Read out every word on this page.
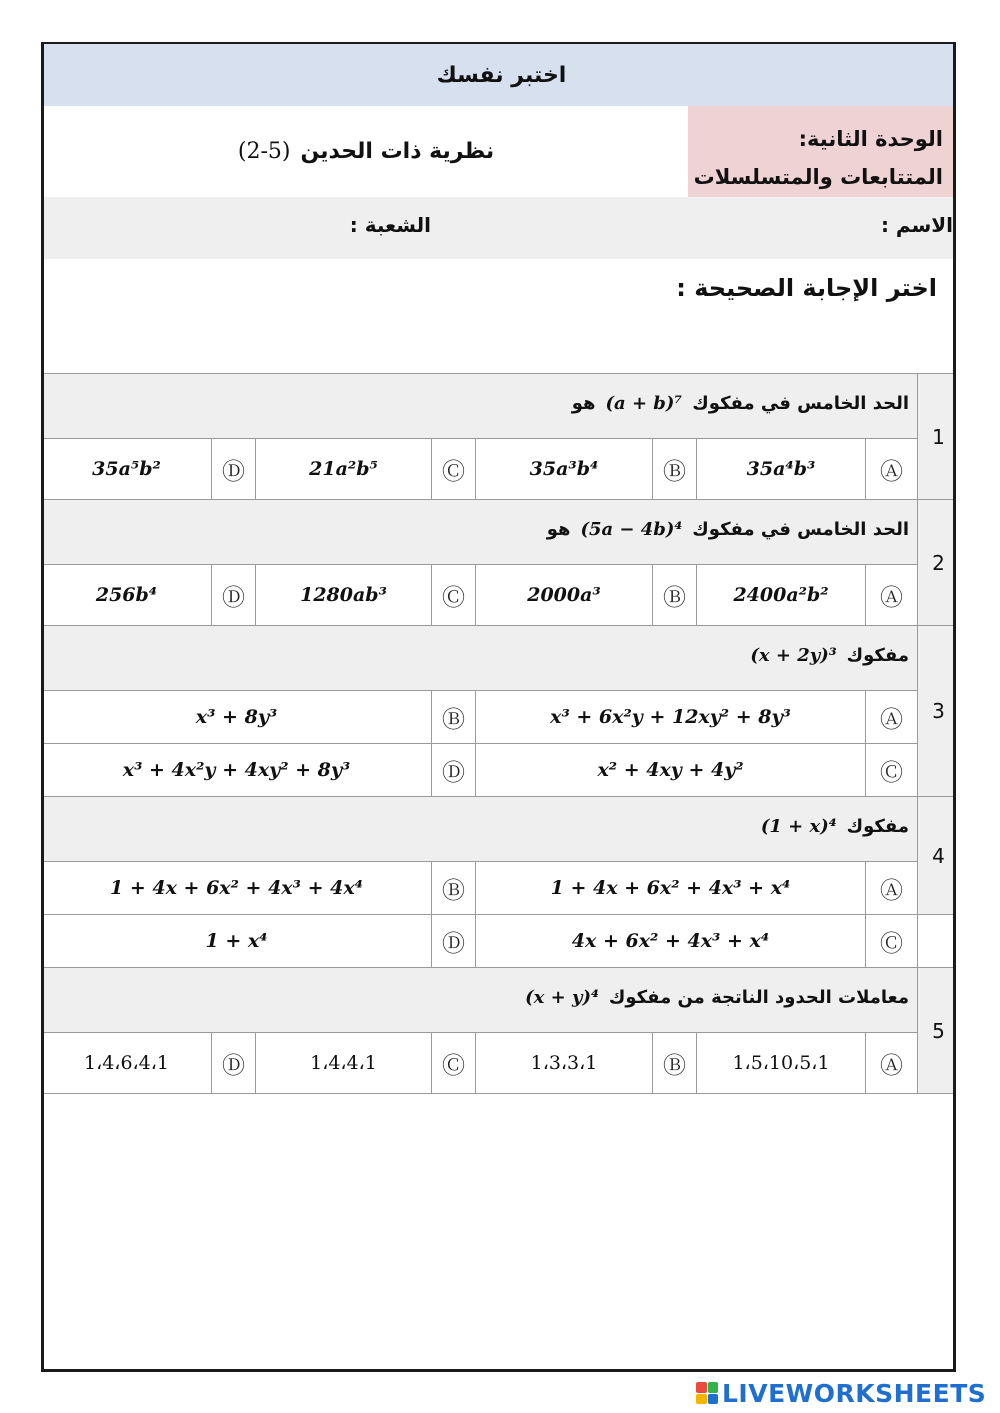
اختبر نفسك
نظرية ذات الحدين
(2-5)	الوحدة الثانية:
المتتابعات والمتسلسلات
الاسم :
الشعبة :
اختر الإجابة الصحيحة :
الحد الخامس في مفكوك(a + b)⁷هو								1
35a⁵b²	Ⓓ	21a²b⁵	Ⓒ	35a³b⁴	Ⓑ	35a⁴b³	Ⓐ	
الحد الخامس في مفكوك(5a − 4b)⁴هو								2
256b⁴	Ⓓ	1280ab³	Ⓒ	2000a³	Ⓑ	2400a²b²	Ⓐ	
مفكوك(x + 2y)³								3
x³ + 8y³			Ⓑ	x³ + 6x²y + 12xy² + 8y³			Ⓐ	
x³ + 4x²y + 4xy² + 8y³			Ⓓ	x² + 4xy + 4y²			Ⓒ	
مفكوك(1 + x)⁴								4
1 + 4x + 6x² + 4x³ + 4x⁴			Ⓑ	1 + 4x + 6x² + 4x³ + x⁴			Ⓐ	
1 + x⁴			Ⓓ	4x + 6x² + 4x³ + x⁴			Ⓒ	
معاملات الحدود الناتجة من مفكوك(x + y)⁴								5
1،4،6،4،1	Ⓓ	1،4،4،1	Ⓒ	1،3،3،1	Ⓑ	1،5،10،5،1	Ⓐ	
LIVEWORKSHEETS
